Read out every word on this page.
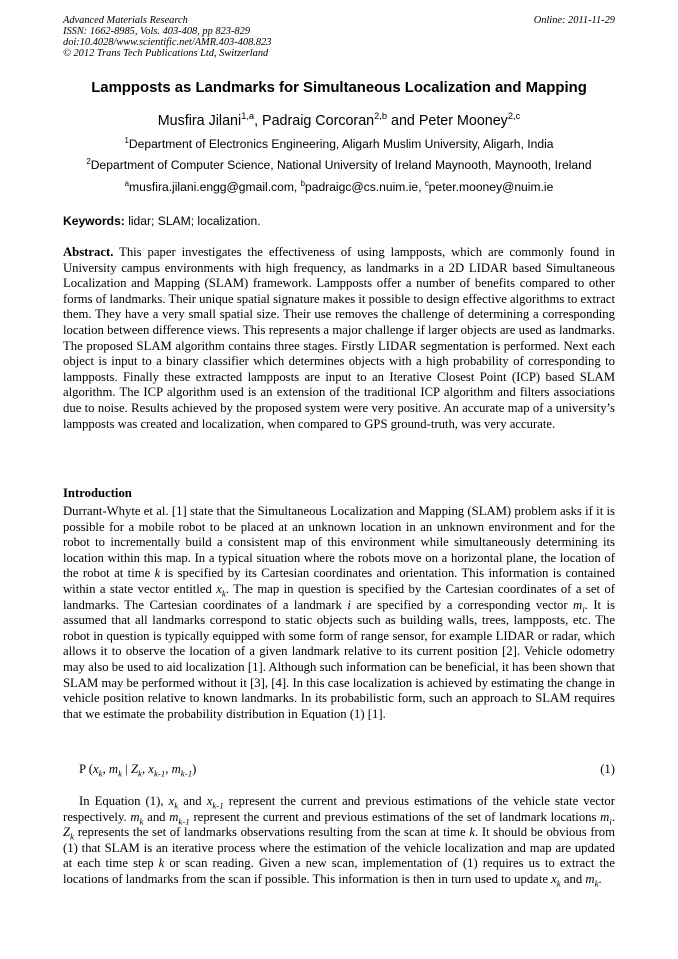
Advanced Materials Research
ISSN: 1662-8985, Vols. 403-408, pp 823-829
doi:10.4028/www.scientific.net/AMR.403-408.823
© 2012 Trans Tech Publications Ltd, Switzerland
Online: 2011-11-29
Lampposts as Landmarks for Simultaneous Localization and Mapping
Musfira Jilani$^{1,a}$, Padraig Corcoran$^{2,b}$ and Peter Mooney$^{2,c}$
$^1$Department of Electronics Engineering, Aligarh Muslim University, Aligarh, India
$^2$Department of Computer Science, National University of Ireland Maynooth, Maynooth, Ireland
$^a$musfira.jilani.engg@gmail.com, $^b$padraigc@cs.nuim.ie, $^c$peter.mooney@nuim.ie
Keywords: lidar; SLAM; localization.

Abstract. This paper investigates the effectiveness of using lampposts, which are commonly found in University campus environments with high frequency, as landmarks in a 2D LIDAR based Simultaneous Localization and Mapping (SLAM) framework. Lampposts offer a number of benefits compared to other forms of landmarks. Their unique spatial signature makes it possible to design effective algorithms to extract them. They have a very small spatial size. Their use removes the challenge of determining a corresponding location between difference views. This represents a major challenge if larger objects are used as landmarks. The proposed SLAM algorithm contains three stages. Firstly LIDAR segmentation is performed. Next each object is input to a binary classifier which determines objects with a high probability of corresponding to lampposts. Finally these extracted lampposts are input to an Iterative Closest Point (ICP) based SLAM algorithm. The ICP algorithm used is an extension of the traditional ICP algorithm and filters associations due to noise. Results achieved by the proposed system were very positive. An accurate map of a university’s lampposts was created and localization, when compared to GPS ground-truth, was very accurate.

Introduction

Durrant-Whyte et al. [1] state that the Simultaneous Localization and Mapping (SLAM) problem asks if it is possible for a mobile robot to be placed at an unknown location in an unknown environment and for the robot to incrementally build a consistent map of this environment while simultaneously determining its location within this map. In a typical situation where the robots move on a horizontal plane, the location of the robot at time k is specified by its Cartesian coordinates and orientation. This information is contained within a state vector entitled $x_k$. The map in question is specified by the Cartesian coordinates of a set of landmarks. The Cartesian coordinates of a landmark i are specified by a corresponding vector $m_i$. It is assumed that all landmarks correspond to static objects such as building walls, trees, lampposts, etc. The robot in question is typically equipped with some form of range sensor, for example LIDAR or radar, which allows it to observe the location of a given landmark relative to its current position [2]. Vehicle odometry may also be used to aid localization [1]. Although such information can be beneficial, it has been shown that SLAM may be performed without it [3], [4]. In this case localization is achieved by estimating the change in vehicle position relative to known landmarks. In its probabilistic form, such an approach to SLAM requires that we estimate the probability distribution in Equation (1) [1].

P ($x_k$, $m_k$ | $Z_k$, $x_{k-1}$, $m_{k-1}$)	(1)

In Equation (1), $x_k$ and $x_{k-1}$ represent the current and previous estimations of the vehicle state vector respectively. $m_k$ and $m_{k-1}$ represent the current and previous estimations of the set of landmark locations $m_i$. $Z_k$ represents the set of landmarks observations resulting from the scan at time k. It should be obvious from (1) that SLAM is an iterative process where the estimation of the vehicle localization and map are updated at each time step k or scan reading. Given a new scan, implementation of (1) requires us to extract the locations of landmarks from the scan if possible. This information is then in turn used to update $x_k$ and $m_k$.
